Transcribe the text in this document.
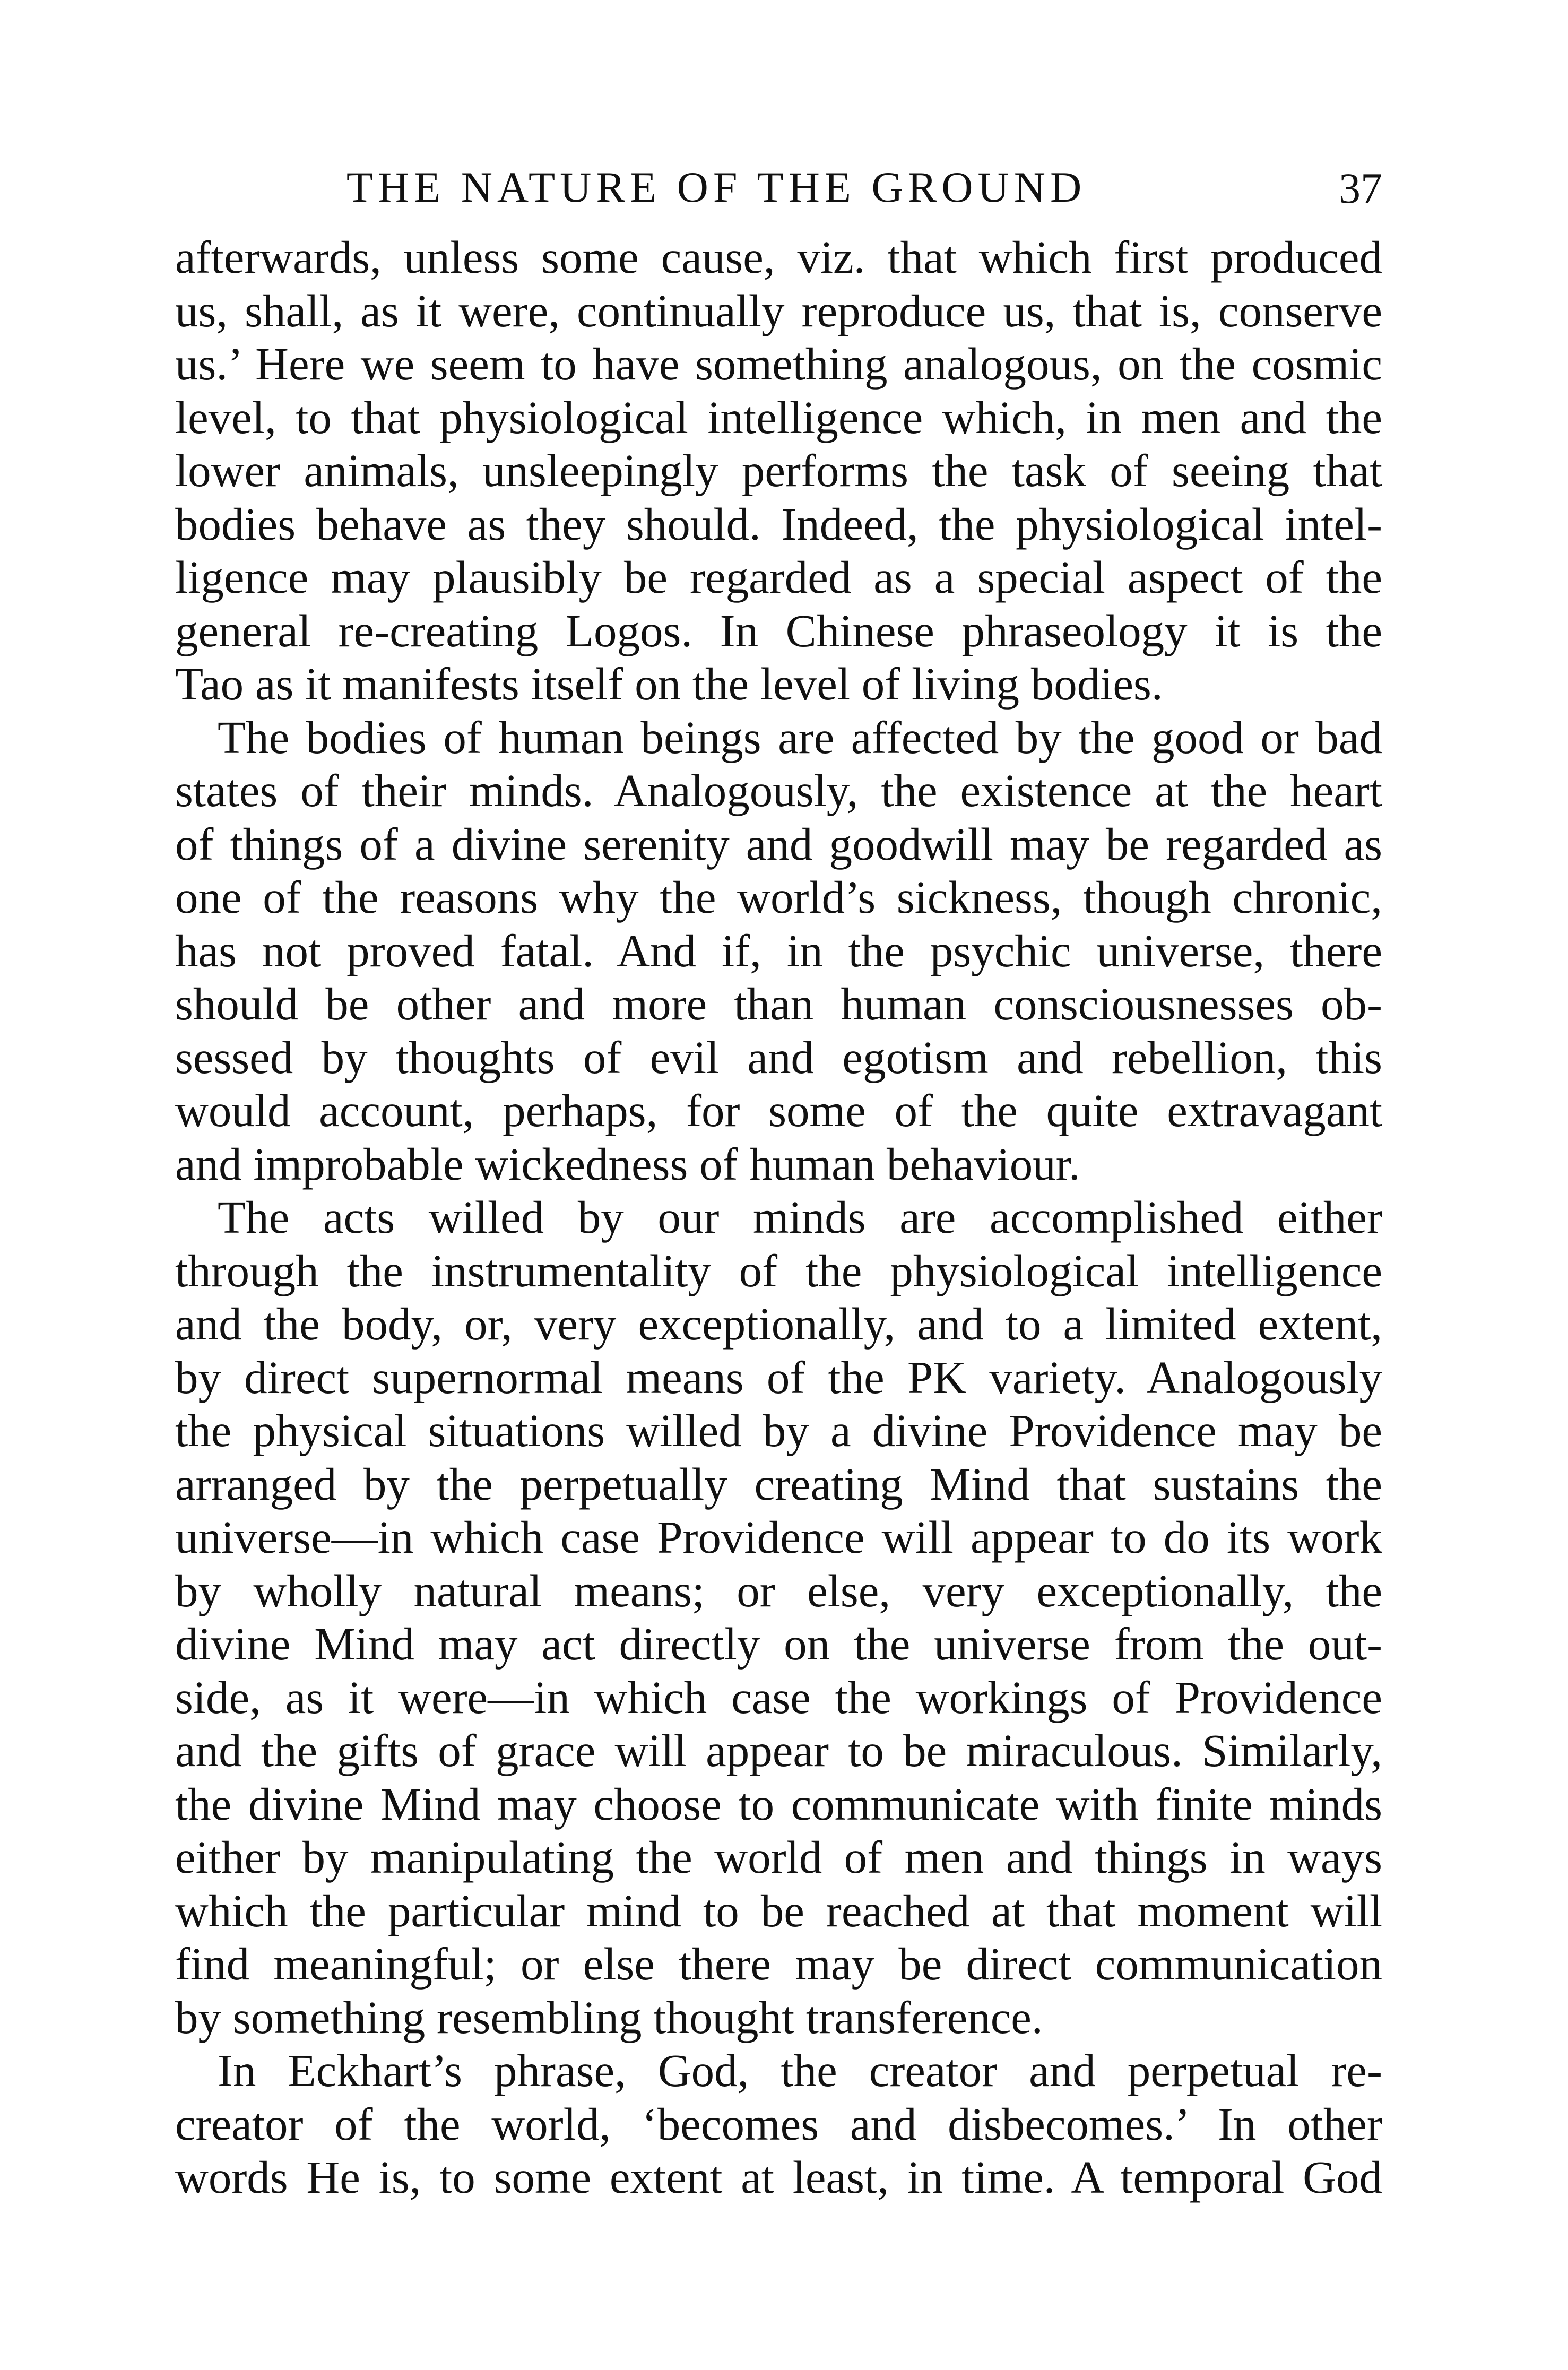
THE NATURE OF THE GROUND	37
afterwards, unless some cause, viz. that which first produced
us, shall, as it were, continually reproduce us, that is, conserve
us.’ Here we seem to have something analogous, on the cosmic
level, to that physiological intelligence which, in men and the
lower animals, unsleepingly performs the task of seeing that
bodies behave as they should. Indeed, the physiological intel-
ligence may plausibly be regarded as a special aspect of the
general re-creating Logos. In Chinese phraseology it is the
Tao as it manifests itself on the level of living bodies.
The bodies of human beings are affected by the good or bad
states of their minds. Analogously, the existence at the heart
of things of a divine serenity and goodwill may be regarded as
one of the reasons why the world’s sickness, though chronic,
has not proved fatal. And if, in the psychic universe, there
should be other and more than human consciousnesses ob-
sessed by thoughts of evil and egotism and rebellion, this
would account, perhaps, for some of the quite extravagant
and improbable wickedness of human behaviour.
The acts willed by our minds are accomplished either
through the instrumentality of the physiological intelligence
and the body, or, very exceptionally, and to a limited extent,
by direct supernormal means of the PK variety. Analogously
the physical situations willed by a divine Providence may be
arranged by the perpetually creating Mind that sustains the
universe—in which case Providence will appear to do its work
by wholly natural means; or else, very exceptionally, the
divine Mind may act directly on the universe from the out-
side, as it were—in which case the workings of Providence
and the gifts of grace will appear to be miraculous. Similarly,
the divine Mind may choose to communicate with finite minds
either by manipulating the world of men and things in ways
which the particular mind to be reached at that moment will
find meaningful; or else there may be direct communication
by something resembling thought transference.
In Eckhart’s phrase, God, the creator and perpetual re-
creator of the world, ‘becomes and disbecomes.’ In other
words He is, to some extent at least, in time. A temporal God
